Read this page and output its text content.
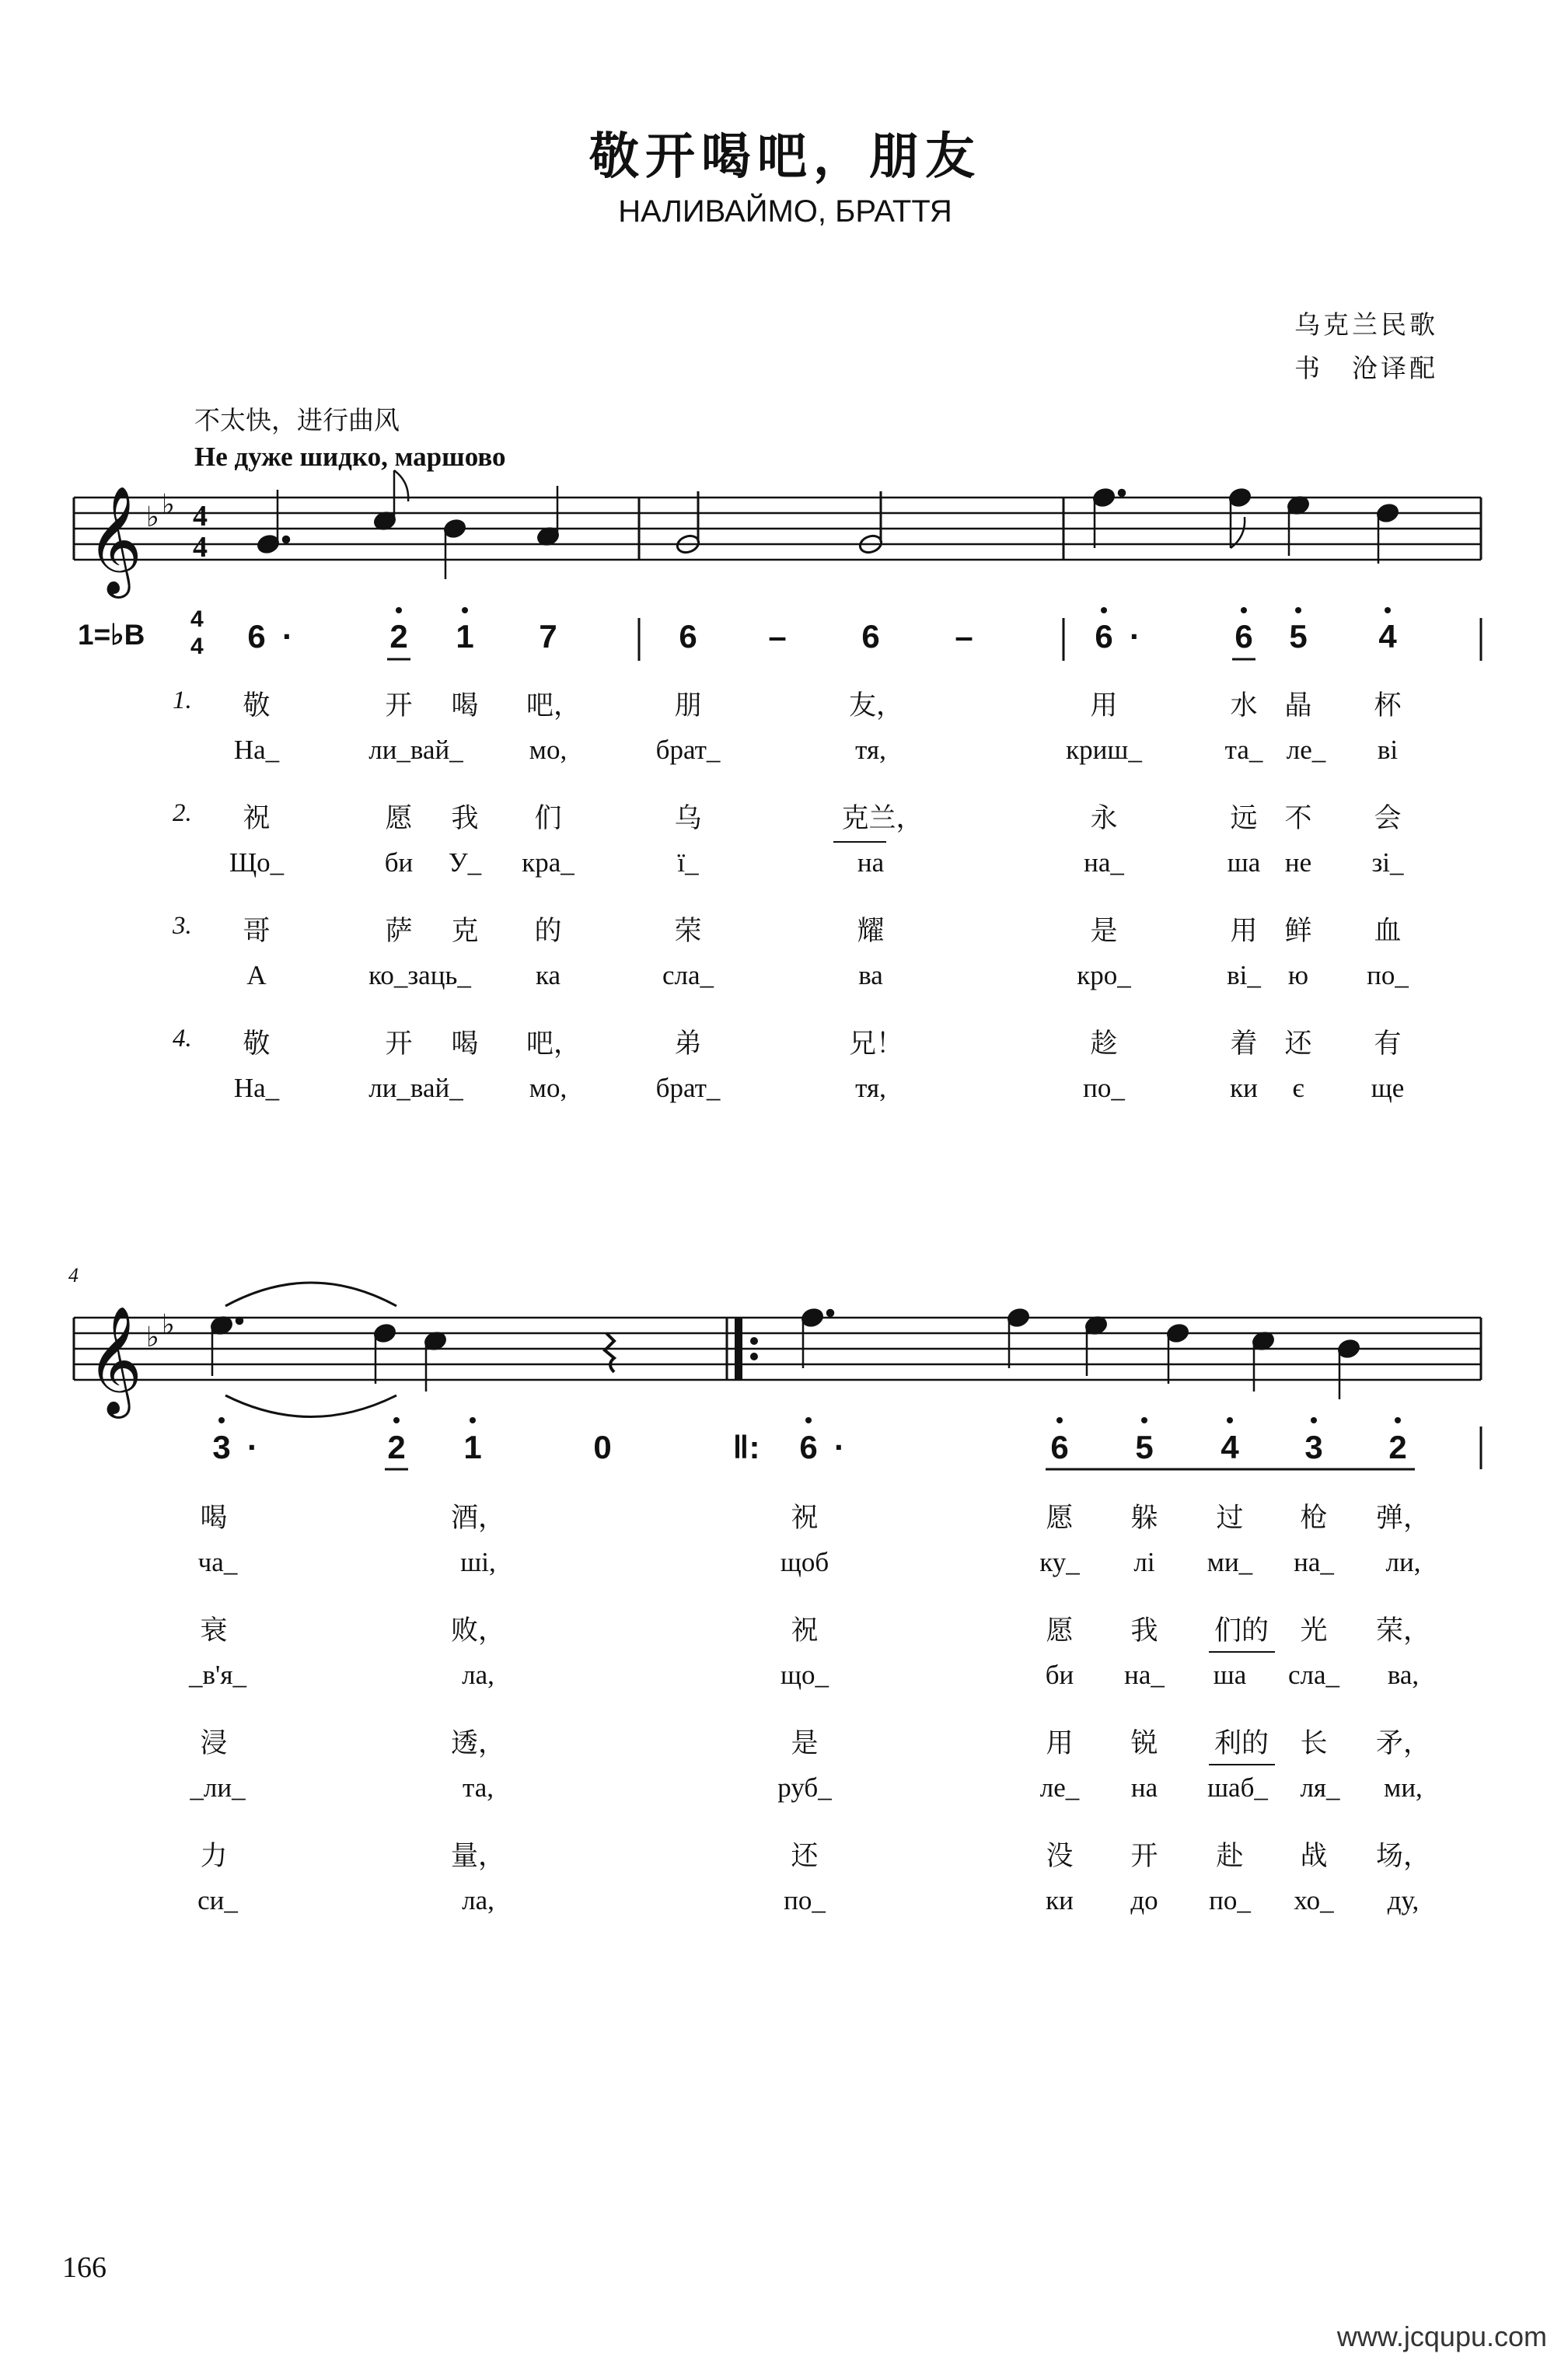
敬开喝吧，朋友
НАЛИВАЙМО, БРАТТЯ
乌克兰民歌
书　沧译配
不太快，进行曲风
Не дуже шидко, маршово
𝄞 ♭ ♭ 4
4
𝄞 ♭ ♭
4
1=♭B 4
4 6 ·	2 1 7	6 – 6 –	6 ·	6 5 4
1.
2.
3.
4.
敬	开 喝 吧，	朋	友，	用	水 晶 杯
На_	ли_вай_ мо,	брат_	тя,	криш_	та_ ле_ ві
祝	愿 我 们	乌	克兰，	永	远 不 会
Що_	би У_ кра_	ї_	на	на_	ша не зі_
哥	萨 克 的	荣	耀	是	用 鲜 血
А	ко_заць_ ка	сла_	ва	кро_	ві_ ю по_
敬	开 喝 吧，	弟	兄！	趁	着 还 有
На_	ли_вай_ мо,	брат_	тя,	по_	ки є ще
3 ·	2 1	0	‖: 6 ·	6 5 4 3 2
喝	酒，	祝	愿 躲 过 枪 弹，
ча_	ші,	щоб	ку_ лі ми_ на_ ли,
衰	败，	祝	愿 我 们的 光 荣，
_в'я_	ла,	що_	би на_ ша сла_ ва,
浸	透，	是	用 锐 利的 长 矛，
_ли_	та,	руб_	ле_ на шаб_ ля_ ми,
力	量，	还	没 开 赴 战 场，
си_	ла,	по_	ки до по_ хо_ ду,
166
www.jcqupu.com
